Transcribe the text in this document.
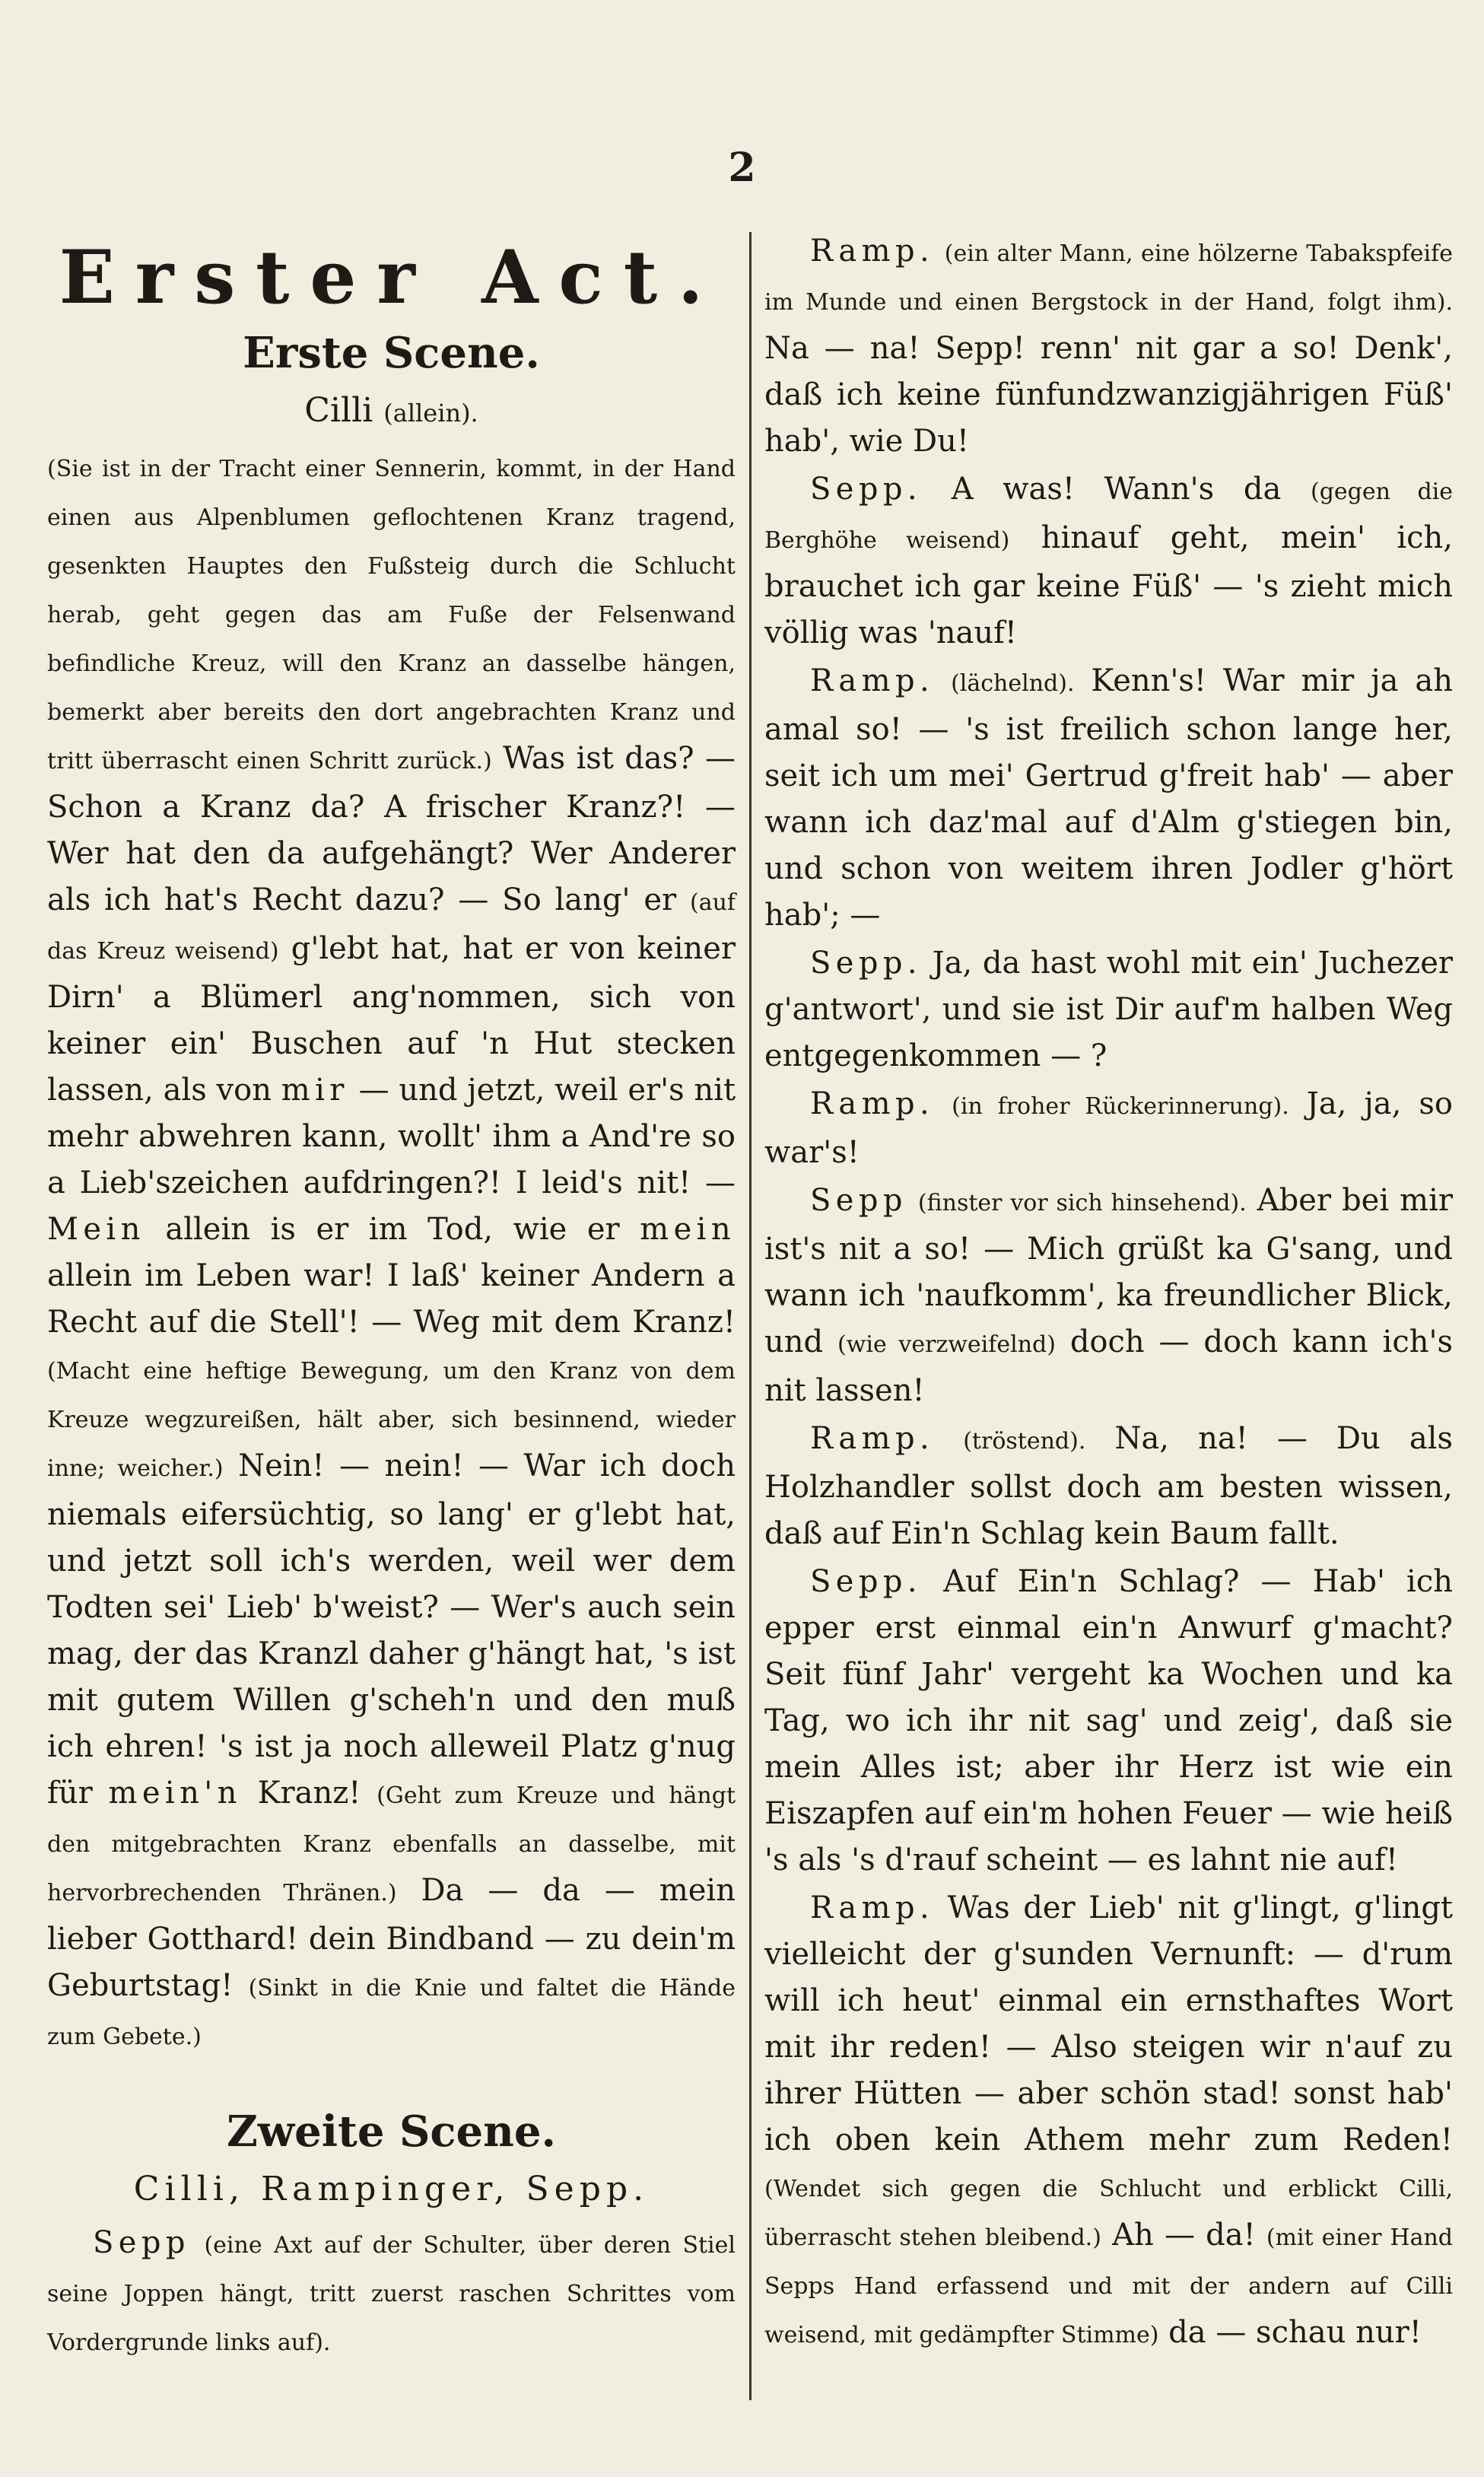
2
Erster Act.
Erste Scene.
Cilli (allein).

(Sie ist in der Tracht einer Sennerin, kommt, in der Hand einen aus Alpenblumen geflochtenen Kranz tragend, gesenkten Hauptes den Fußsteig durch die Schlucht herab, geht gegen das am Fuße der Felsenwand befindliche Kreuz, will den Kranz an dasselbe hängen, bemerkt aber bereits den dort angebrachten Kranz und tritt überrascht einen Schritt zurück.) Was ist das? — Schon a Kranz da? A frischer Kranz?! — Wer hat den da aufgehängt? Wer Anderer als ich hat's Recht dazu? — So lang' er (auf das Kreuz weisend) g'lebt hat, hat er von keiner Dirn' a Blümerl ang'nommen, sich von keiner ein' Buschen auf 'n Hut stecken lassen, als von mir — und jetzt, weil er's nit mehr abwehren kann, wollt' ihm a And're so a Lieb'szeichen aufdringen?! I leid's nit! — Mein allein is er im Tod, wie er mein allein im Leben war! I laß' keiner Andern a Recht auf die Stell'! — Weg mit dem Kranz! (Macht eine heftige Bewegung, um den Kranz von dem Kreuze wegzureißen, hält aber, sich besinnend, wieder inne; weicher.) Nein! — nein! — War ich doch niemals eifersüchtig, so lang' er g'lebt hat, und jetzt soll ich's werden, weil wer dem Todten sei' Lieb' b'weist? — Wer's auch sein mag, der das Kranzl daher g'hängt hat, 's ist mit gutem Willen g'scheh'n und den muß ich ehren! 's ist ja noch alleweil Platz g'nug für mein'n Kranz! (Geht zum Kreuze und hängt den mitgebrachten Kranz ebenfalls an dasselbe, mit hervorbrechenden Thränen.) Da — da — mein lieber Gotthard! dein Bindband — zu dein'm Geburtstag! (Sinkt in die Knie und faltet die Hände zum Gebete.)

Zweite Scene.
Cilli, Rampinger, Sepp.

Sepp (eine Axt auf der Schulter, über deren Stiel seine Joppen hängt, tritt zuerst raschen Schrittes vom Vordergrunde links auf).

Ramp. (ein alter Mann, eine hölzerne Tabakspfeife im Munde und einen Bergstock in der Hand, folgt ihm). Na — na! Sepp! renn' nit gar a so! Denk', daß ich keine fünfundzwanzigjährigen Füß' hab', wie Du!

Sepp. A was! Wann's da (gegen die Berghöhe weisend) hinauf geht, mein' ich, brauchet ich gar keine Füß' — 's zieht mich völlig was 'nauf!

Ramp. (lächelnd). Kenn's! War mir ja ah amal so! — 's ist freilich schon lange her, seit ich um mei' Gertrud g'freit hab' — aber wann ich daz'mal auf d'Alm g'stiegen bin, und schon von weitem ihren Jodler g'hört hab'; —

Sepp. Ja, da hast wohl mit ein' Juchezer g'antwort', und sie ist Dir auf'm halben Weg entgegenkommen — ?

Ramp. (in froher Rückerinnerung). Ja, ja, so war's!

Sepp (finster vor sich hinsehend). Aber bei mir ist's nit a so! — Mich grüßt ka G'sang, und wann ich 'naufkomm', ka freundlicher Blick, und (wie verzweifelnd) doch — doch kann ich's nit lassen!

Ramp. (tröstend). Na, na! — Du als Holzhandler sollst doch am besten wissen, daß auf Ein'n Schlag kein Baum fallt.

Sepp. Auf Ein'n Schlag? — Hab' ich epper erst einmal ein'n Anwurf g'macht? Seit fünf Jahr' vergeht ka Wochen und ka Tag, wo ich ihr nit sag' und zeig', daß sie mein Alles ist; aber ihr Herz ist wie ein Eiszapfen auf ein'm hohen Feuer — wie heiß 's als 's d'rauf scheint — es lahnt nie auf!

Ramp. Was der Lieb' nit g'lingt, g'lingt vielleicht der g'sunden Vernunft: — d'rum will ich heut' einmal ein ernsthaftes Wort mit ihr reden! — Also steigen wir n'auf zu ihrer Hütten — aber schön stad! sonst hab' ich oben kein Athem mehr zum Reden! (Wendet sich gegen die Schlucht und erblickt Cilli, überrascht stehen bleibend.) Ah — da! (mit einer Hand Sepps Hand erfassend und mit der andern auf Cilli weisend, mit gedämpfter Stimme) da — schau nur!
